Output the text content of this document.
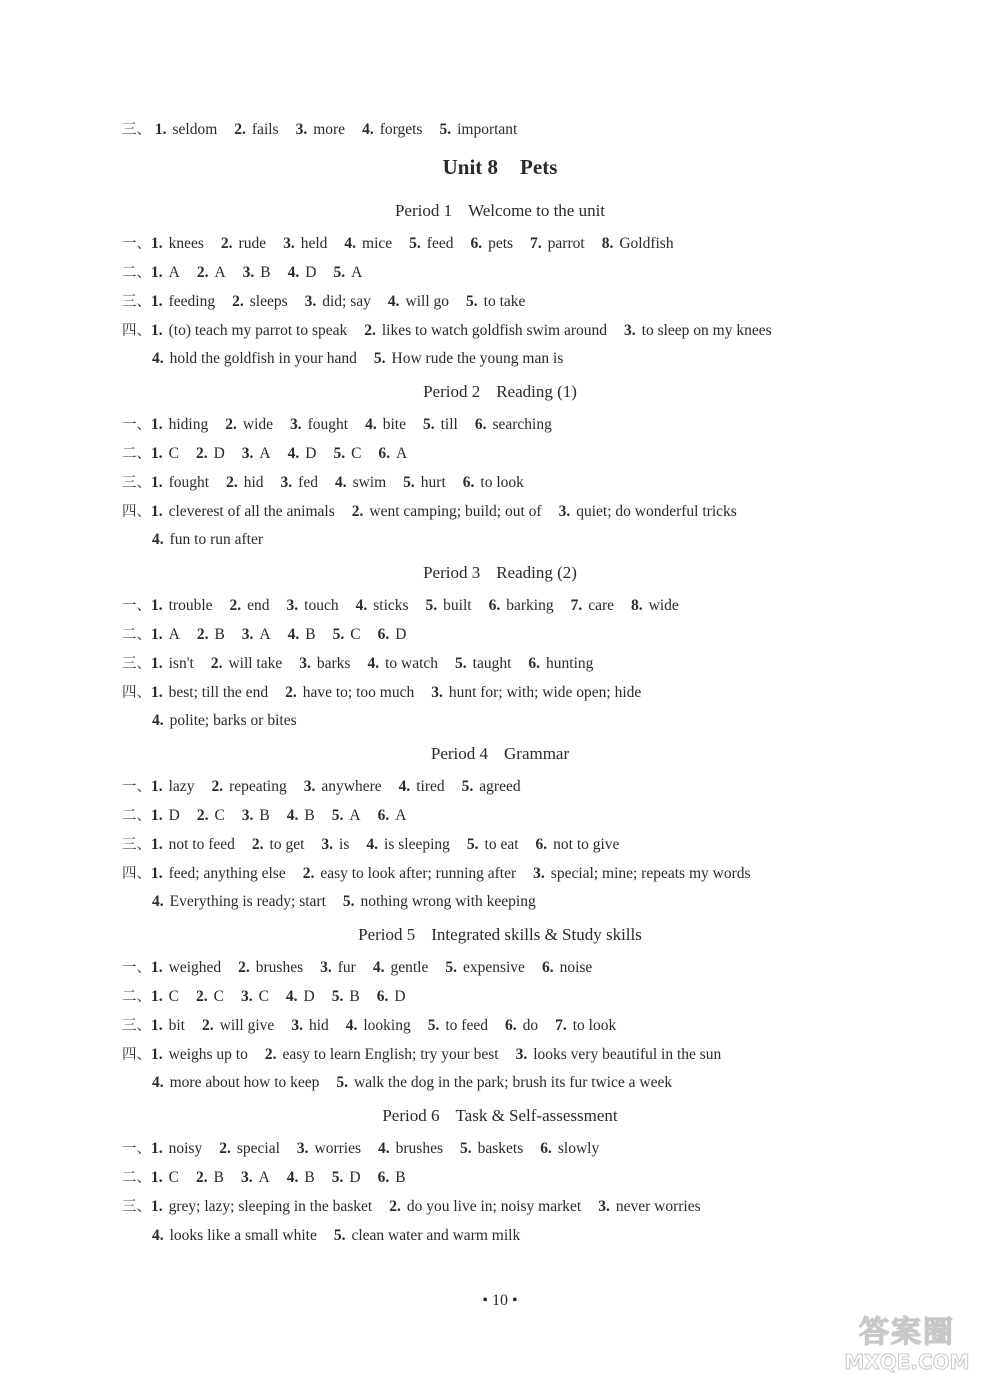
三、 1. seldom 2. fails 3. more 4. forgets 5. important
Unit 8 Pets
Period 1 Welcome to the unit
一、1. knees 2. rude 3. held 4. mice 5. feed 6. pets 7. parrot 8. Goldfish
二、1. A 2. A 3. B 4. D 5. A
三、1. feeding 2. sleeps 3. did; say 4. will go 5. to take
四、1. (to) teach my parrot to speak 2. likes to watch goldfish swim around 3. to sleep on my knees
4. hold the goldfish in your hand 5. How rude the young man is
Period 2 Reading (1)
一、1. hiding 2. wide 3. fought 4. bite 5. till 6. searching
二、1. C 2. D 3. A 4. D 5. C 6. A
三、1. fought 2. hid 3. fed 4. swim 5. hurt 6. to look
四、1. cleverest of all the animals 2. went camping; build; out of 3. quiet; do wonderful tricks
4. fun to run after
Period 3 Reading (2)
一、1. trouble 2. end 3. touch 4. sticks 5. built 6. barking 7. care 8. wide
二、1. A 2. B 3. A 4. B 5. C 6. D
三、1. isn't 2. will take 3. barks 4. to watch 5. taught 6. hunting
四、1. best; till the end 2. have to; too much 3. hunt for; with; wide open; hide
4. polite; barks or bites
Period 4 Grammar
一、1. lazy 2. repeating 3. anywhere 4. tired 5. agreed
二、1. D 2. C 3. B 4. B 5. A 6. A
三、1. not to feed 2. to get 3. is 4. is sleeping 5. to eat 6. not to give
四、1. feed; anything else 2. easy to look after; running after 3. special; mine; repeats my words
4. Everything is ready; start 5. nothing wrong with keeping
Period 5 Integrated skills & Study skills
一、1. weighed 2. brushes 3. fur 4. gentle 5. expensive 6. noise
二、1. C 2. C 3. C 4. D 5. B 6. D
三、1. bit 2. will give 3. hid 4. looking 5. to feed 6. do 7. to look
四、1. weighs up to 2. easy to learn English; try your best 3. looks very beautiful in the sun
4. more about how to keep 5. walk the dog in the park; brush its fur twice a week
Period 6 Task & Self-assessment
一、1. noisy 2. special 3. worries 4. brushes 5. baskets 6. slowly
二、1. C 2. B 3. A 4. B 5. D 6. B
三、1. grey; lazy; sleeping in the basket 2. do you live in; noisy market 3. never worries
4. looks like a small white 5. clean water and warm milk
• 10 •
答案圈
MXQE.COM
